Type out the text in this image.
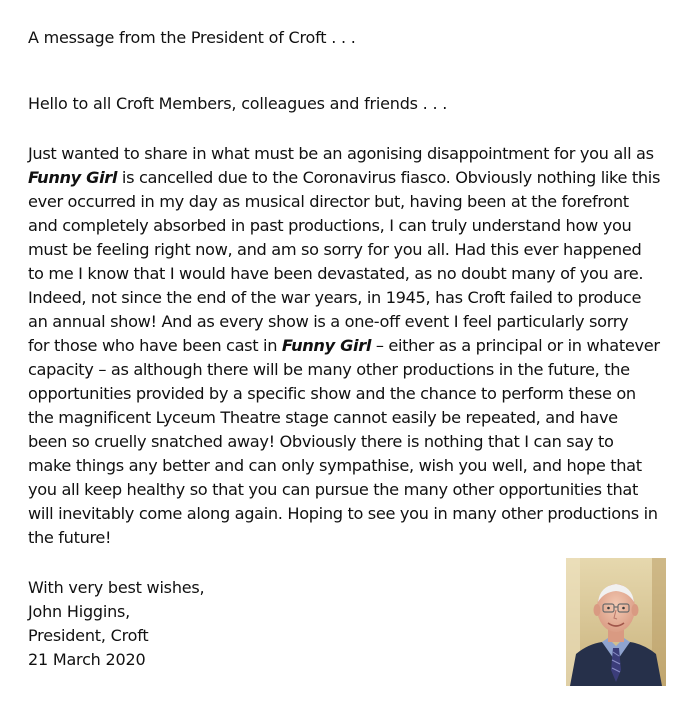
A message from the President of Croft . . .
Hello to all Croft Members, colleagues and friends . . .
Just wanted to share in what must be an agonising disappointment for you all as
Funny Girl is cancelled due to the Coronavirus fiasco. Obviously nothing like this
ever occurred in my day as musical director but, having been at the forefront
and completely absorbed in past productions, I can truly understand how you
must be feeling right now, and am so sorry for you all. Had this ever happened
to me I know that I would have been devastated, as no doubt many of you are.
Indeed, not since the end of the war years, in 1945, has Croft failed to produce
an annual show! And as every show is a one-off event I feel particularly sorry
for those who have been cast in Funny Girl – either as a principal or in whatever
capacity – as although there will be many other productions in the future, the
opportunities provided by a specific show and the chance to perform these on
the magnificent Lyceum Theatre stage cannot easily be repeated, and have
been so cruelly snatched away! Obviously there is nothing that I can say to
make things any better and can only sympathise, wish you well, and hope that
you all keep healthy so that you can pursue the many other opportunities that
will inevitably come along again. Hoping to see you in many other productions in
the future!
With very best wishes,
John Higgins,
President, Croft
21 March 2020
